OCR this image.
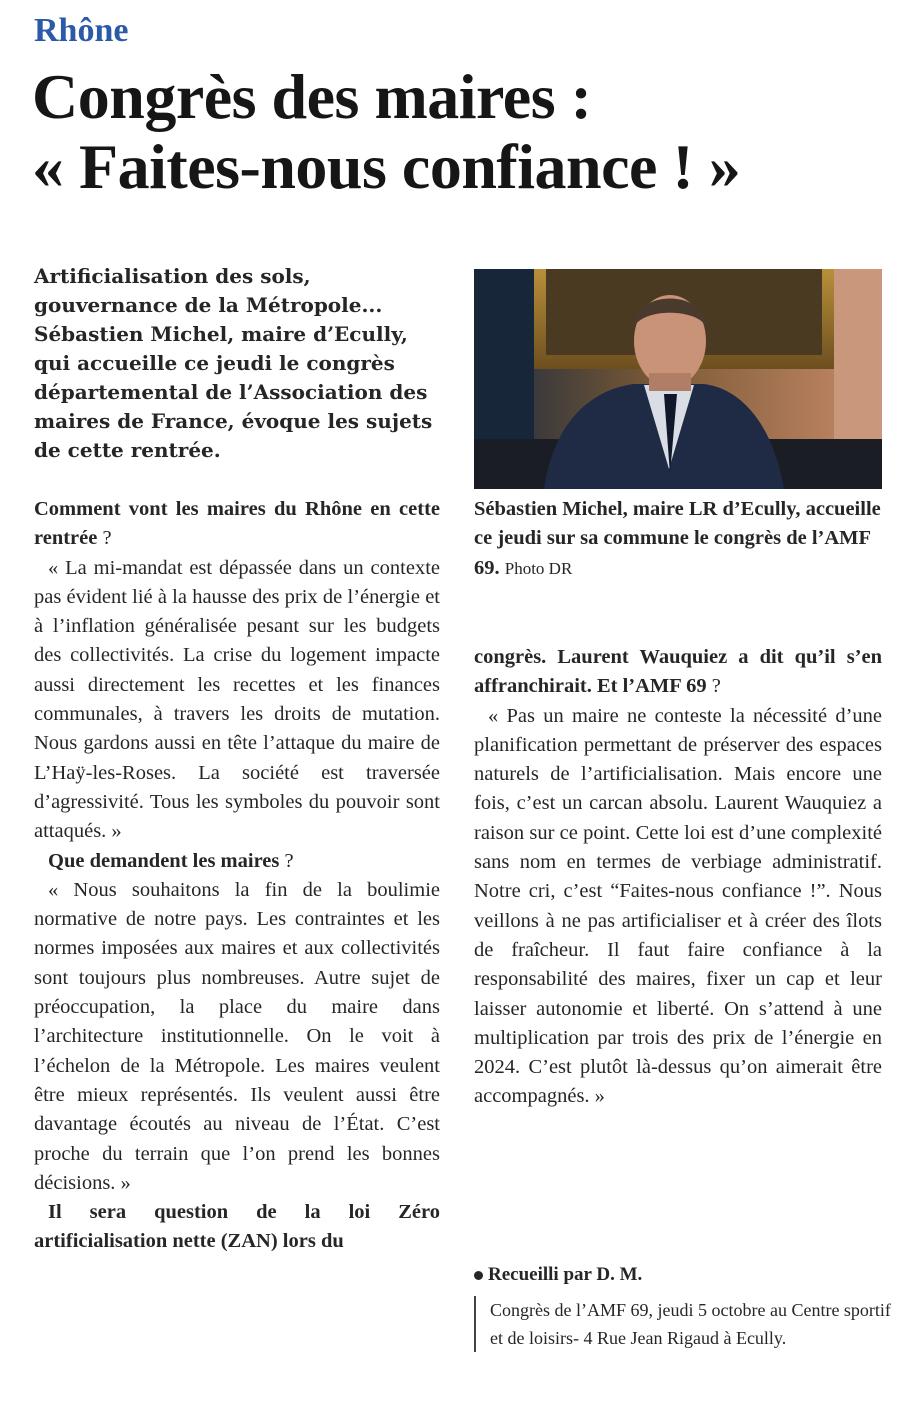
Rhône
Congrès des maires :
« Faites-nous confiance ! »
Artificialisation des sols, gouvernance de la Métropole... Sébastien Michel, maire d’Ecully, qui accueille ce jeudi le congrès départemental de l’Association des maires de France, évoque les sujets de cette rentrée.

Comment vont les maires du Rhône en cette rentrée ?

« La mi-mandat est dépassée dans un contexte pas évident lié à la hausse des prix de l’énergie et à l’inflation généralisée pesant sur les budgets des collectivités. La crise du logement impacte aussi directement les recettes et les finances communales, à travers les droits de mutation. Nous gardons aussi en tête l’attaque du maire de L’Haÿ-les-Roses. La société est traversée d’agressivité. Tous les symboles du pouvoir sont attaqués. »

Que demandent les maires ?

« Nous souhaitons la fin de la boulimie normative de notre pays. Les contraintes et les normes imposées aux maires et aux collectivités sont toujours plus nombreuses. Autre sujet de préoccupation, la place du maire dans l’architecture institutionnelle. On le voit à l’échelon de la Métropole. Les maires veulent être mieux représentés. Ils veulent aussi être davantage écoutés au niveau de l’État. C’est proche du terrain que l’on prend les bonnes décisions. »

Il sera question de la loi Zéro artificialisation nette (ZAN) lors du

Sébastien Michel, maire LR d’Ecully, accueille ce jeudi sur sa commune le congrès de l’AMF 69. Photo DR

congrès. Laurent Wauquiez a dit qu’il s’en affranchirait. Et l’AMF 69 ?

« Pas un maire ne conteste la nécessité d’une planification permettant de préserver des espaces naturels de l’artificialisation. Mais encore une fois, c’est un carcan absolu. Laurent Wauquiez a raison sur ce point. Cette loi est d’une complexité sans nom en termes de verbiage administratif. Notre cri, c’est “Faites-nous confiance !”. Nous veillons à ne pas artificialiser et à créer des îlots de fraîcheur. Il faut faire confiance à la responsabilité des maires, fixer un cap et leur laisser autonomie et liberté. On s’attend à une multiplication par trois des prix de l’énergie en 2024. C’est plutôt là-dessus qu’on aimerait être accompagnés. »

Recueilli par D. M.
Congrès de l’AMF 69, jeudi 5 octobre au Centre sportif et de loisirs- 4 Rue Jean Rigaud à Ecully.
